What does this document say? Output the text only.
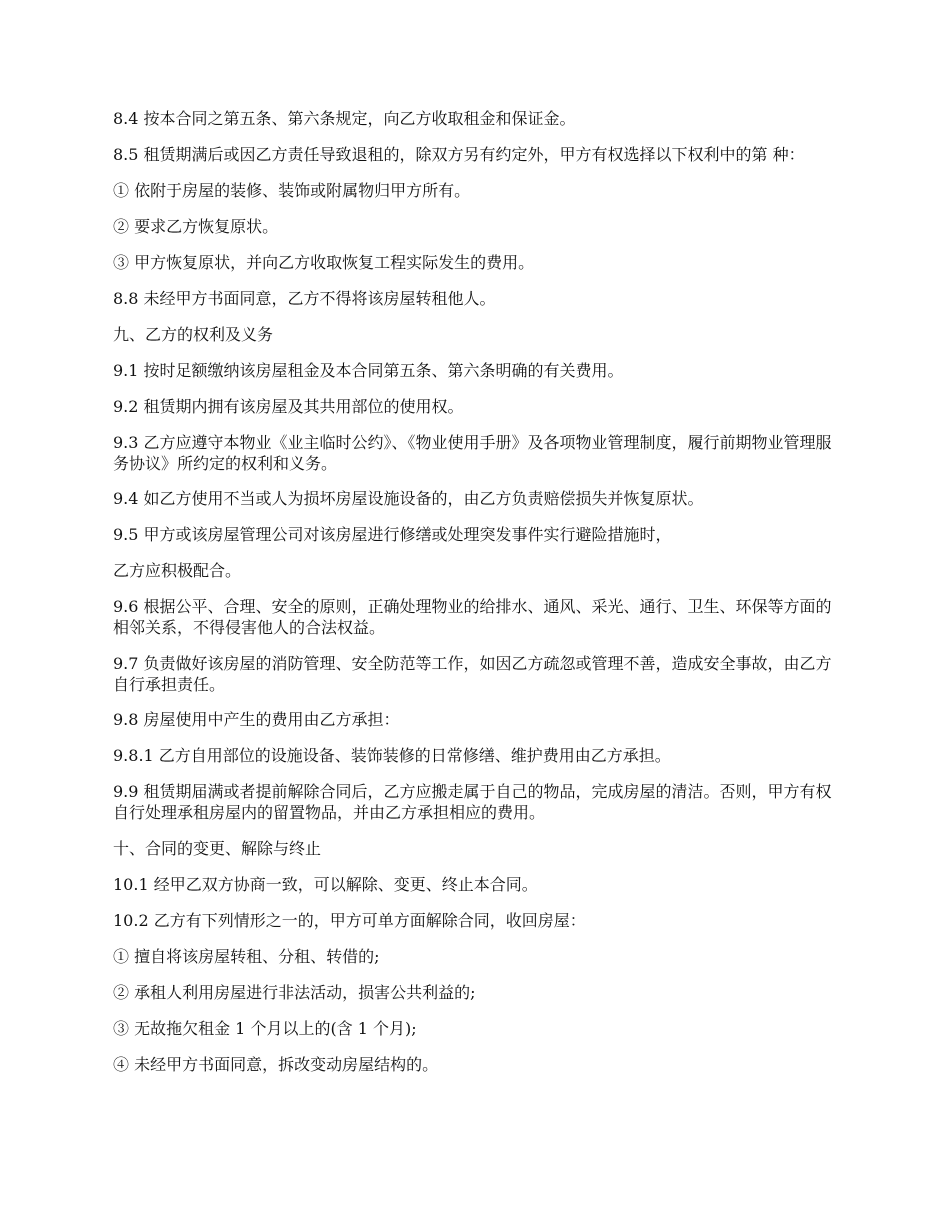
8.4 按本合同之第五条、第六条规定，向乙方收取租金和保证金。

8.5 租赁期满后或因乙方责任导致退租的，除双方另有约定外，甲方有权选择以下权利中的第 种：

① 依附于房屋的装修、装饰或附属物归甲方所有。

② 要求乙方恢复原状。

③ 甲方恢复原状，并向乙方收取恢复工程实际发生的费用。

8.8 未经甲方书面同意，乙方不得将该房屋转租他人。

九、乙方的权利及义务

9.1 按时足额缴纳该房屋租金及本合同第五条、第六条明确的有关费用。

9.2 租赁期内拥有该房屋及其共用部位的使用权。

9.3 乙方应遵守本物业《业主临时公约》、《物业使用手册》及各项物业管理制度，履行前期物业管理服务协议》所约定的权利和义务。

9.4 如乙方使用不当或人为损坏房屋设施设备的，由乙方负责赔偿损失并恢复原状。

9.5 甲方或该房屋管理公司对该房屋进行修缮或处理突发事件实行避险措施时，

乙方应积极配合。

9.6 根据公平、合理、安全的原则，正确处理物业的给排水、通风、采光、通行、卫生、环保等方面的相邻关系，不得侵害他人的合法权益。

9.7 负责做好该房屋的消防管理、安全防范等工作，如因乙方疏忽或管理不善，造成安全事故，由乙方自行承担责任。

9.8 房屋使用中产生的费用由乙方承担：

9.8.1 乙方自用部位的设施设备、装饰装修的日常修缮、维护费用由乙方承担。

9.9 租赁期届满或者提前解除合同后，乙方应搬走属于自己的物品，完成房屋的清洁。否则，甲方有权自行处理承租房屋内的留置物品，并由乙方承担相应的费用。

十、合同的变更、解除与终止

10.1 经甲乙双方协商一致，可以解除、变更、终止本合同。

10.2 乙方有下列情形之一的，甲方可单方面解除合同，收回房屋：

① 擅自将该房屋转租、分租、转借的;

② 承租人利用房屋进行非法活动，损害公共利益的;

③ 无故拖欠租金 1 个月以上的(含 1 个月);

④ 未经甲方书面同意，拆改变动房屋结构的。
